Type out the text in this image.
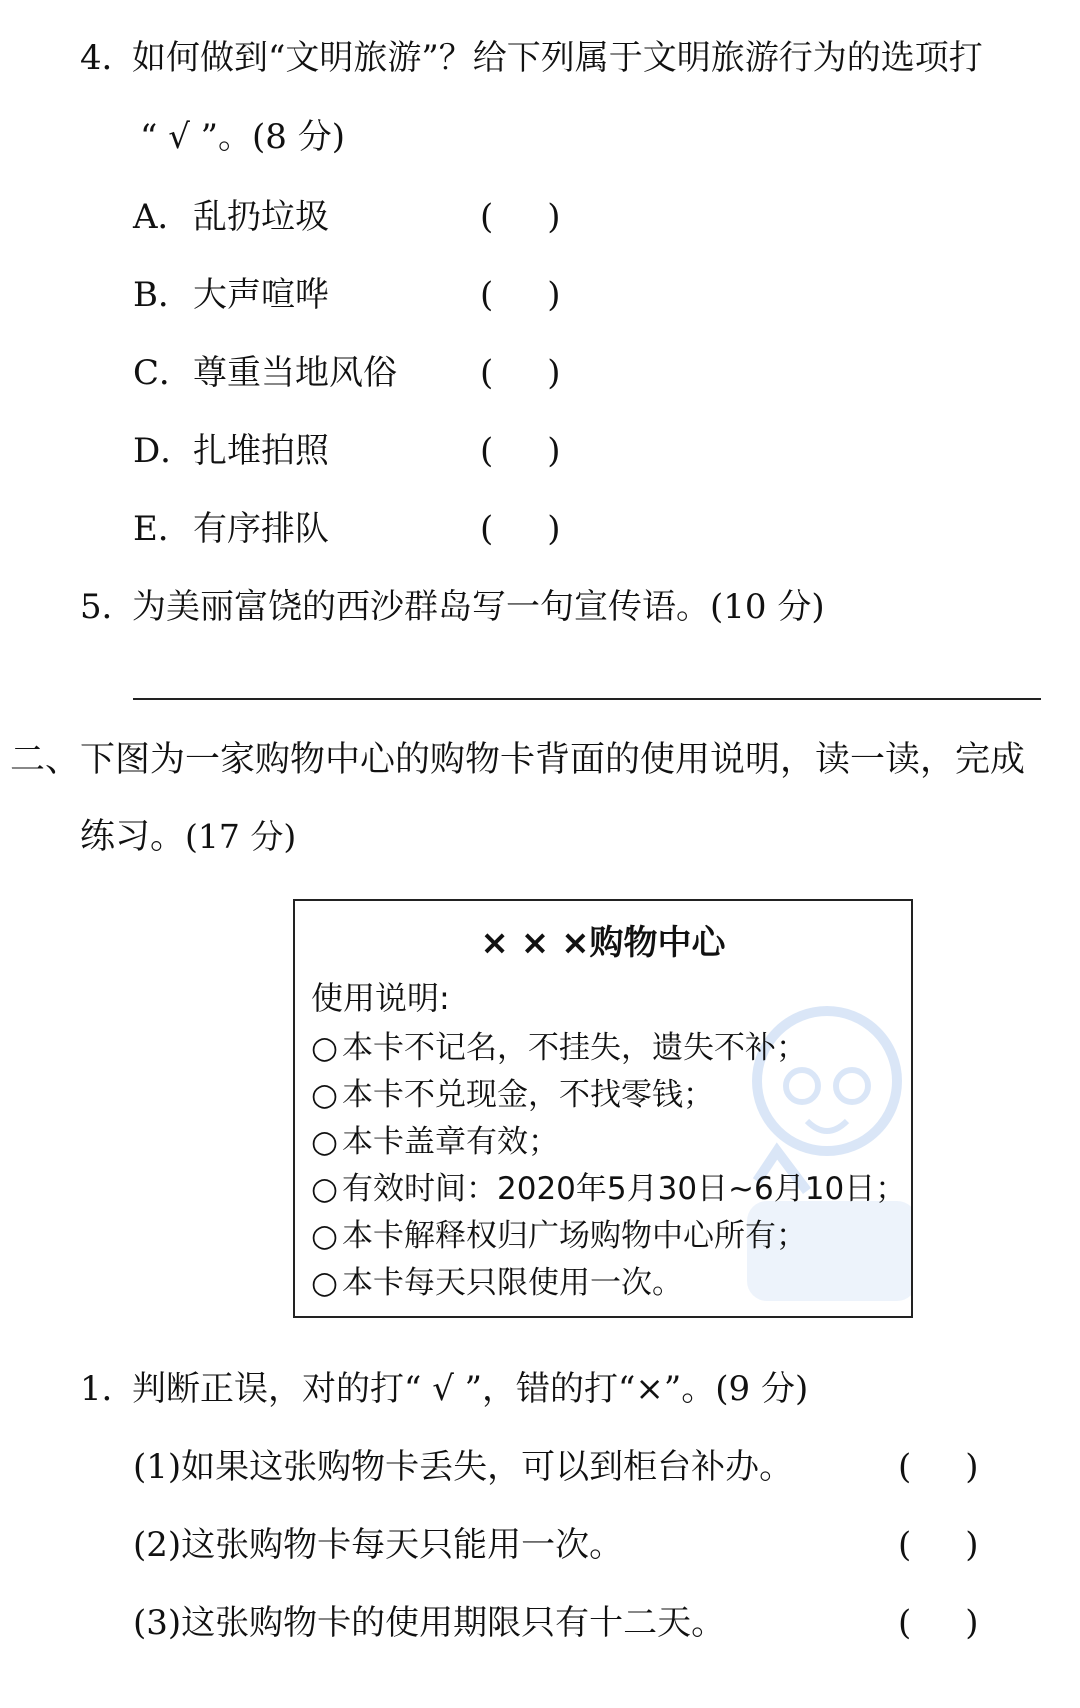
4．如何做到“文明旅游”？给下列属于文明旅游行为的选项打
“ √ ”。(8 分)
A．乱扔垃圾	( )
B．大声喧哗	( )
C．尊重当地风俗 ( )
D．扎堆拍照	( )
E．有序排队	( )
5．为美丽富饶的西沙群岛写一句宣传语。(10 分)
二、下图为一家购物中心的购物卡背面的使用说明，读一读，完成
练习。(17 分)
× × ×购物中心
使用说明:
○ 本卡不记名，不挂失，遗失不补；
○ 本卡不兑现金，不找零钱；
○ 本卡盖章有效；
○ 有效时间：2020年5月30日~6月10日；
○ 本卡解释权归广场购物中心所有；
○ 本卡每天只限使用一次。
1．判断正误，对的打“ √ ”，错的打“×”。(9 分)
(1)如果这张购物卡丢失，可以到柜台补办。	( )
(2)这张购物卡每天只能用一次。	( )
(3)这张购物卡的使用期限只有十二天。	( )
